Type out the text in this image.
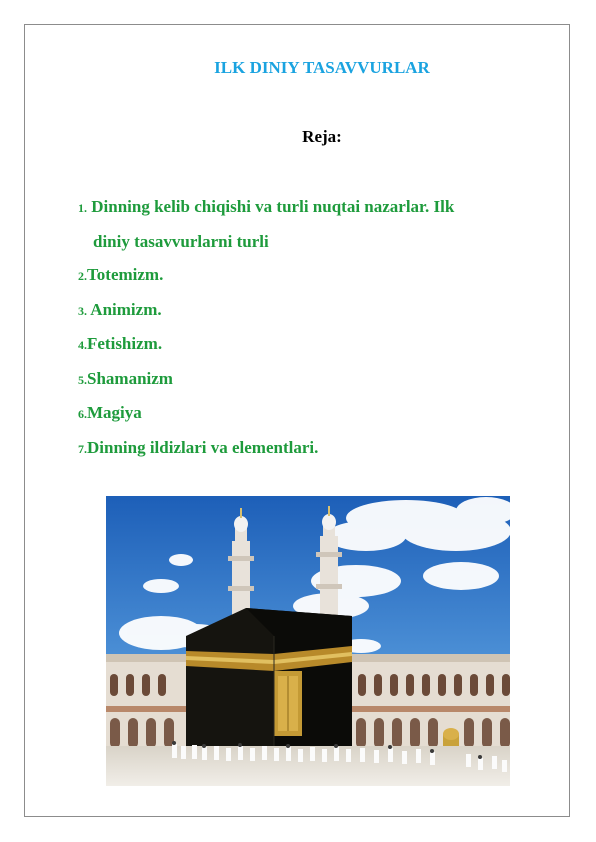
ILK DINIY TASAVVURLAR
Reja:
1. Dinning kelib chiqishi va turli nuqtai nazarlar. Ilk
diniy tasavvurlarni turli
2.Totemizm.
3. Animizm.
4.Fetishizm.
5.Shamanizm
6.Magiya
7.Dinning ildizlari va elementlari.
